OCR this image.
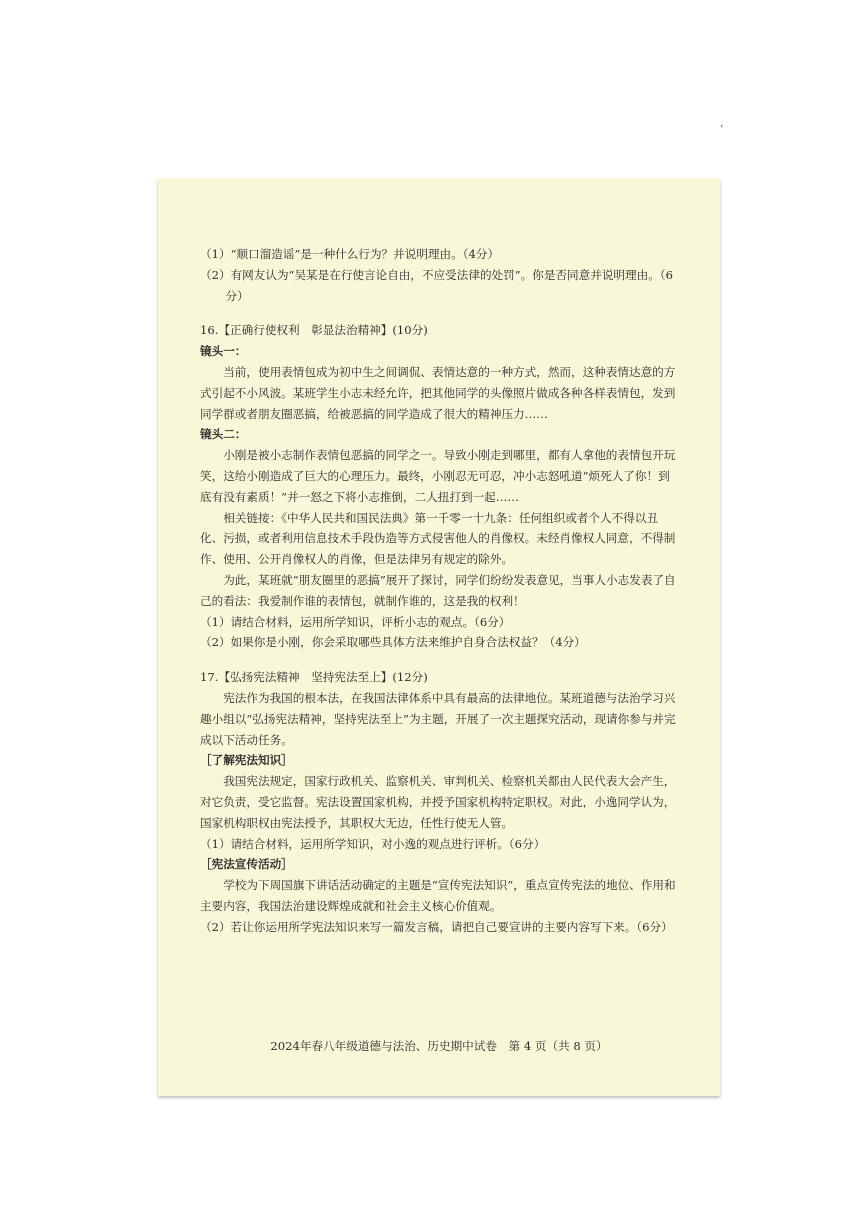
‘

（1）“顺口溜造谣”是一种什么行为？并说明理由。（4分）

（2）有网友认为“吴某是在行使言论自由，不应受法律的处罚”。你是否同意并说明理由。（6分）

16.【正确行使权利　彰显法治精神】(10分)

镜头一：

当前，使用表情包成为初中生之间调侃、表情达意的一种方式，然而，这种表情达意的方式引起不小风波。某班学生小志未经允许，把其他同学的头像照片做成各种各样表情包，发到同学群或者朋友圈恶搞，给被恶搞的同学造成了很大的精神压力……

镜头二：

小刚是被小志制作表情包恶搞的同学之一。导致小刚走到哪里，都有人拿他的表情包开玩笑，这给小刚造成了巨大的心理压力。最终，小刚忍无可忍，冲小志怒吼道“烦死人了你！到底有没有素质！”并一怒之下将小志推倒，二人扭打到一起……

相关链接：《中华人民共和国民法典》第一千零一十九条：任何组织或者个人不得以丑化、污损，或者利用信息技术手段伪造等方式侵害他人的肖像权。未经肖像权人同意，不得制作、使用、公开肖像权人的肖像，但是法律另有规定的除外。

为此，某班就“朋友圈里的恶搞”展开了探讨，同学们纷纷发表意见，当事人小志发表了自己的看法：我爱制作谁的表情包，就制作谁的，这是我的权利！

（1）请结合材料，运用所学知识，评析小志的观点。（6分）

（2）如果你是小刚，你会采取哪些具体方法来维护自身合法权益？（4分）

17.【弘扬宪法精神　坚持宪法至上】(12分)

宪法作为我国的根本法，在我国法律体系中具有最高的法律地位。某班道德与法治学习兴趣小组以“弘扬宪法精神，坚持宪法至上”为主题，开展了一次主题探究活动，现请你参与并完成以下活动任务。

［了解宪法知识］

我国宪法规定，国家行政机关、监察机关、审判机关、检察机关都由人民代表大会产生，对它负责，受它监督。宪法设置国家机构，并授予国家机构特定职权。对此，小逸同学认为，国家机构职权由宪法授予，其职权大无边，任性行使无人管。

（1）请结合材料，运用所学知识，对小逸的观点进行评析。（6分）

［宪法宣传活动］

学校为下周国旗下讲话活动确定的主题是“宣传宪法知识”，重点宣传宪法的地位、作用和主要内容，我国法治建设辉煌成就和社会主义核心价值观。

（2）若让你运用所学宪法知识来写一篇发言稿，请把自己要宣讲的主要内容写下来。（6分）

2024年春八年级道德与法治、历史期中试卷　第 4 页（共 8 页）
